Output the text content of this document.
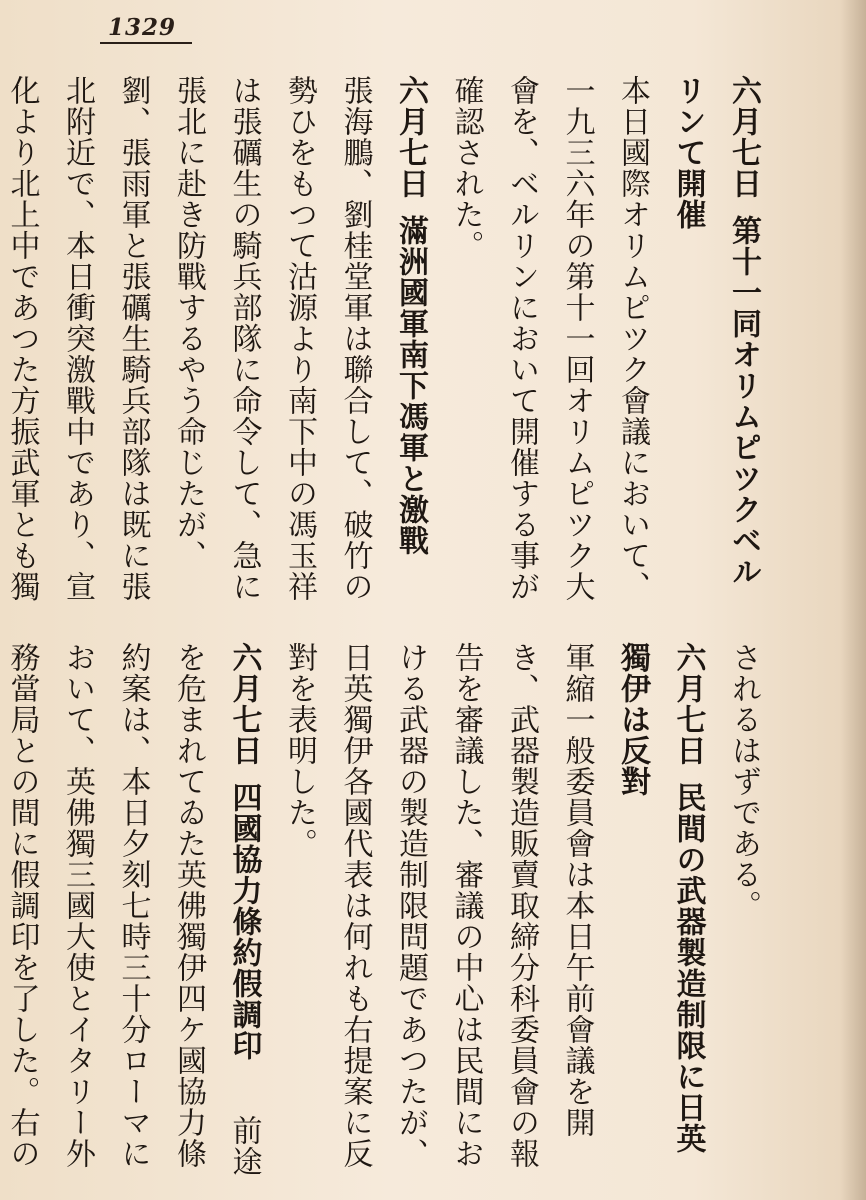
1329

六月七日第十一同オリムピツクベルリンて開催

本日國際オリムピツク會議において、一九三六年の第十一回オリムピツク大會を、ベルリンにおいて開催する事が確認された。

六月七日滿洲國軍南下馮軍と激戰 張海鵬、劉桂堂軍は聯合して、破竹の勢ひをもつて沽源より南下中の馮玉祥は張礪生の騎兵部隊に命令して、急に張北に赴き防戰するやう命じたが、劉、張雨軍と張礪生騎兵部隊は既に張北附近で、本日衝突激戰中であり、宣化より北上中であつた方振武軍とも獨

されるはずである。

六月七日民間の武器製造制限に日英獨伊は反對

軍縮一般委員會は本日午前會議を開き、武器製造販賣取締分科委員會の報告を審議した、審議の中心は民間における武器の製造制限問題であつたが、日英獨伊各國代表は何れも右提案に反對を表明した。

六月七日四國協力條約假調印 前途を危まれてゐた英佛獨伊四ケ國協力條約案は、本日夕刻七時三十分ローマにおいて、英佛獨三國大使とイタリー外務當局との間に假調印を了した。右の
